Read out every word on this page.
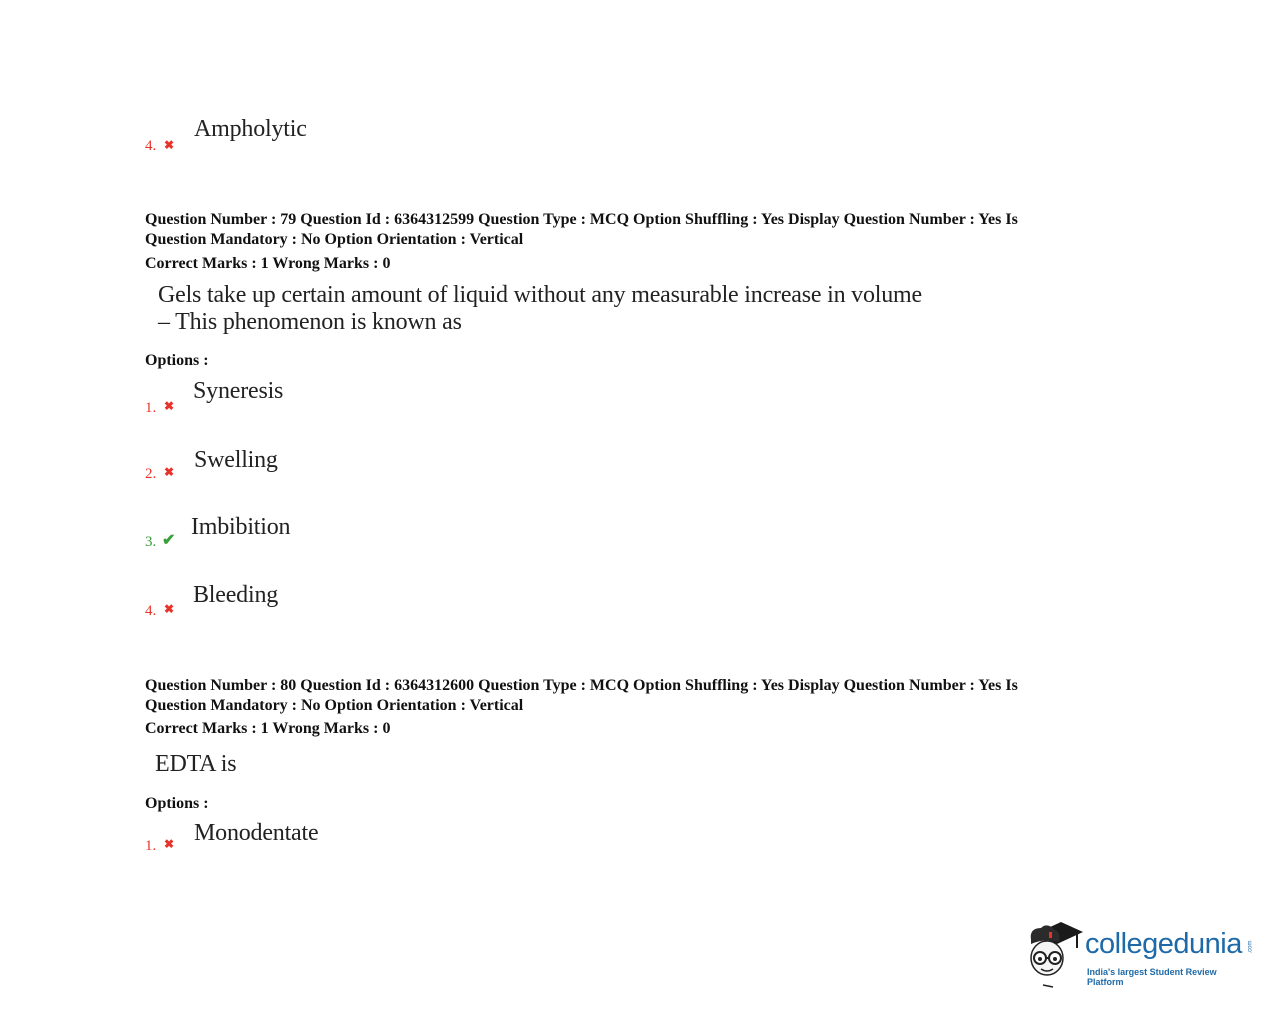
4. ✖
Ampholytic
Question Number : 79 Question Id : 6364312599 Question Type : MCQ Option Shuffling : Yes Display Question Number : Yes Is
Question Mandatory : No Option Orientation : Vertical
Correct Marks : 1 Wrong Marks : 0
Gels take up certain amount of liquid without any measurable increase in volume
– This phenomenon is known as
Options :
1. ✖
Syneresis
2. ✖ Swelling
3. ✔
Imbibition
4. ✖
Bleeding
Question Number : 80 Question Id : 6364312600 Question Type : MCQ Option Shuffling : Yes Display Question Number : Yes Is
Question Mandatory : No Option Orientation : Vertical
Correct Marks : 1 Wrong Marks : 0
EDTA is
Options :
1. ✖ Monodentate
collegedunia .com
India's largest Student Review Platform
